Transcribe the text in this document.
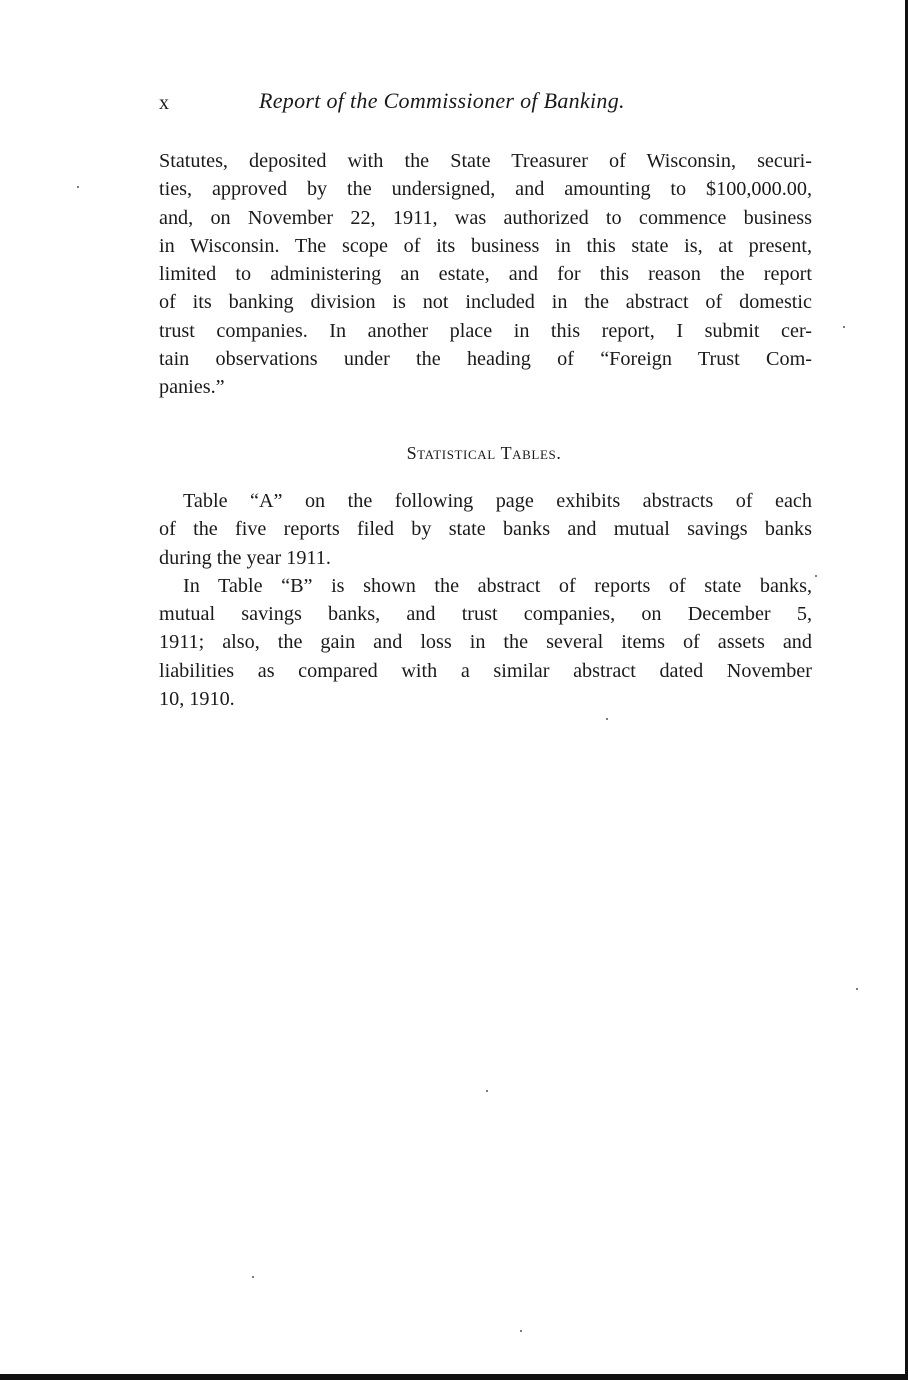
x	Report of the Commissioner of Banking.
Statutes, deposited with the State Treasurer of Wisconsin, securi-
ties, approved by the undersigned, and amounting to $100,000.00,
and, on November 22, 1911, was authorized to commence business
in Wisconsin. The scope of its business in this state is, at present,
limited to administering an estate, and for this reason the report
of its banking division is not included in the abstract of domestic
trust companies. In another place in this report, I submit cer-
tain observations under the heading of “Foreign Trust Com-
panies.”
Statistical Tables.
Table “A” on the following page exhibits abstracts of each
of the five reports filed by state banks and mutual savings banks
during the year 1911.
In Table “B” is shown the abstract of reports of state banks,
mutual savings banks, and trust companies, on December 5,
1911; also, the gain and loss in the several items of assets and
liabilities as compared with a similar abstract dated November
10, 1910.
